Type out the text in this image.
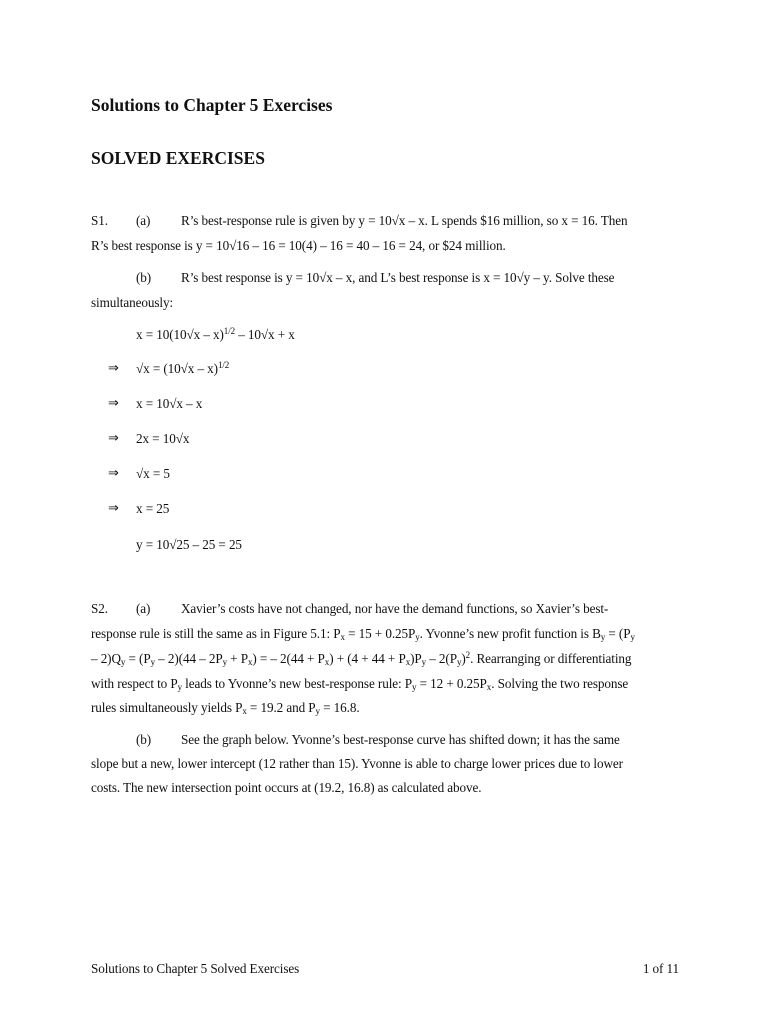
Solutions to Chapter 5 Exercises
SOLVED EXERCISES
S1. (a) R’s best-response rule is given by y = 10√x – x. L spends $16 million, so x = 16. Then
R’s best response is y = 10√16 – 16 = 10(4) – 16 = 40 – 16 = 24, or $24 million.
(b) R’s best response is y = 10√x – x, and L’s best response is x = 10√y – y. Solve these
simultaneously:
x = 10(10√x – x)$^{1/2}$ – 10√x + x
⇒ √x = (10√x – x)$^{1/2}$
⇒ x = 10√x – x
⇒ 2x = 10√x
⇒ √x = 5
⇒ x = 25
y = 10√25 – 25 = 25
S2. (a) Xavier’s costs have not changed, nor have the demand functions, so Xavier’s best-
response rule is still the same as in Figure 5.1: $P_x = 15 + 0.25P_y$. Yvonne’s new profit function is $B_y = (P_y$
– $2)Q_y = (P_y - 2)(44 - 2P_y + P_x)$ = – $2(44 + P_x) + (4 + 44 + P_x)P_y - 2(P_y)^2$. Rearranging or differentiating
with respect to $P_y$ leads to Yvonne’s new best-response rule: $P_y = 12 + 0.25P_x$. Solving the two response
rules simultaneously yields $P_x = 19.2$ and $P_y = 16.8$.
(b) See the graph below. Yvonne’s best-response curve has shifted down; it has the same
slope but a new, lower intercept (12 rather than 15). Yvonne is able to charge lower prices due to lower
costs. The new intersection point occurs at (19.2, 16.8) as calculated above.
Solutions to Chapter 5 Solved Exercises	1 of 11
